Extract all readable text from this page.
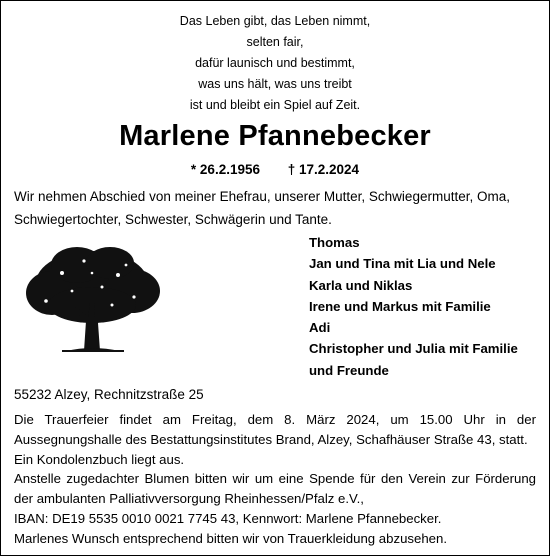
Das Leben gibt, das Leben nimmt,
selten fair,
dafür launisch und bestimmt,
was uns hält, was uns treibt
ist und bleibt ein Spiel auf Zeit.
Marlene Pfannebecker
* 26.2.1956 † 17.2.2024
Wir nehmen Abschied von meiner Ehefrau, unserer Mutter, Schwiegermutter, Oma, Schwiegertochter, Schwester, Schwägerin und Tante.
Thomas
Jan und Tina mit Lia und Nele
Karla und Niklas
Irene und Markus mit Familie
Adi
Christopher und Julia mit Familie
und Freunde
55232 Alzey, Rechnitzstraße 25
Die Trauerfeier findet am Freitag, dem 8. März 2024, um 15.00 Uhr in der
Aussegnungshalle des Bestattungsinstitutes Brand, Alzey, Schafhäuser Straße 43, statt.
Ein Kondolenzbuch liegt aus.
Anstelle zugedachter Blumen bitten wir um eine Spende für den Verein zur Förderung
der ambulanten Palliativversorgung Rheinhessen/Pfalz e.V.,
IBAN: DE19 5535 0010 0021 7745 43, Kennwort: Marlene Pfannebecker.
Marlenes Wunsch entsprechend bitten wir von Trauerkleidung abzusehen.
